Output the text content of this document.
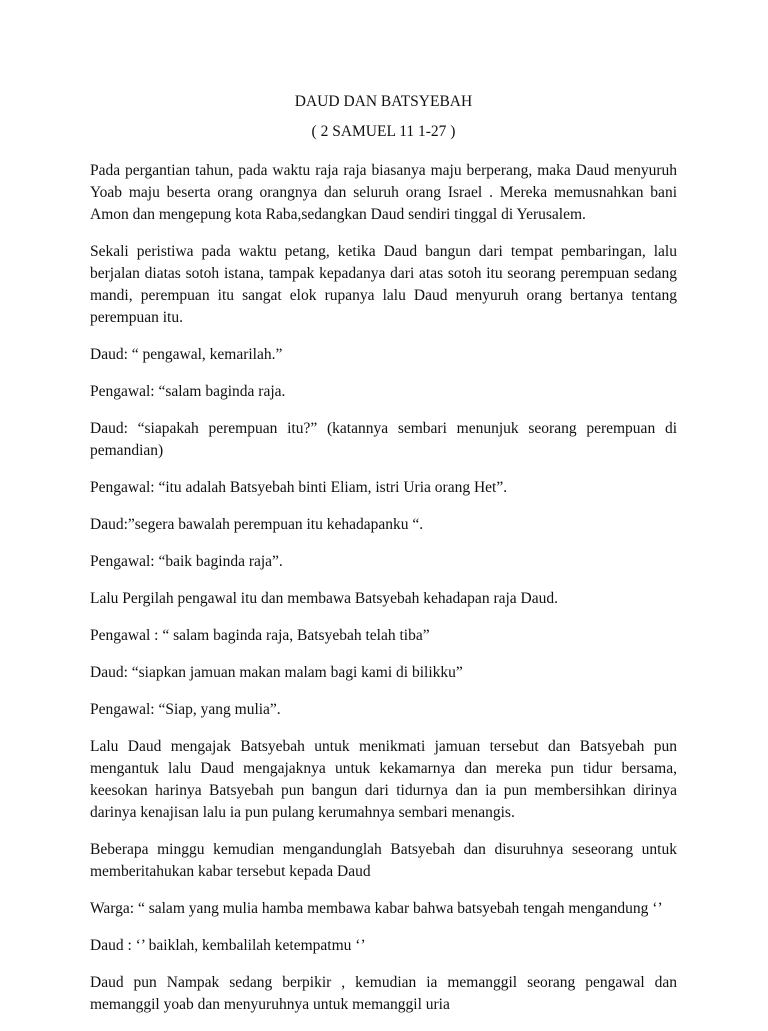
DAUD DAN BATSYEBAH
( 2 SAMUEL 11 1-27 )

Pada pergantian tahun, pada waktu raja raja biasanya maju berperang, maka Daud menyuruh Yoab maju beserta orang orangnya dan seluruh orang Israel . Mereka memusnahkan bani Amon dan mengepung kota Raba,sedangkan Daud sendiri tinggal di Yerusalem.

Sekali peristiwa pada waktu petang, ketika Daud bangun dari tempat pembaringan, lalu berjalan diatas sotoh istana, tampak kepadanya dari atas sotoh itu seorang perempuan sedang mandi, perempuan itu sangat elok rupanya lalu Daud menyuruh orang bertanya tentang perempuan itu.

Daud: “ pengawal, kemarilah.”

Pengawal: “salam baginda raja.

Daud: “siapakah perempuan itu?” (katannya sembari menunjuk seorang perempuan di pemandian)

Pengawal: “itu adalah Batsyebah binti Eliam, istri Uria orang Het”.

Daud:”segera bawalah perempuan itu kehadapanku “.

Pengawal: “baik baginda raja”.

Lalu Pergilah pengawal itu dan membawa Batsyebah kehadapan raja Daud.

Pengawal : “ salam baginda raja, Batsyebah telah tiba”

Daud: “siapkan jamuan makan malam bagi kami di bilikku”

Pengawal: “Siap, yang mulia”.

Lalu Daud mengajak Batsyebah untuk menikmati jamuan tersebut dan Batsyebah pun mengantuk lalu Daud mengajaknya untuk kekamarnya dan mereka pun tidur bersama, keesokan harinya Batsyebah pun bangun dari tidurnya dan ia pun membersihkan dirinya darinya kenajisan lalu ia pun pulang kerumahnya sembari menangis.

Beberapa minggu kemudian mengandunglah Batsyebah dan disuruhnya seseorang untuk memberitahukan kabar tersebut kepada Daud

Warga: “ salam yang mulia hamba membawa kabar bahwa batsyebah tengah mengandung ‘’

Daud : ‘’ baiklah, kembalilah ketempatmu ‘’

Daud pun Nampak sedang berpikir , kemudian ia memanggil seorang pengawal dan memanggil yoab dan menyuruhnya untuk memanggil uria
